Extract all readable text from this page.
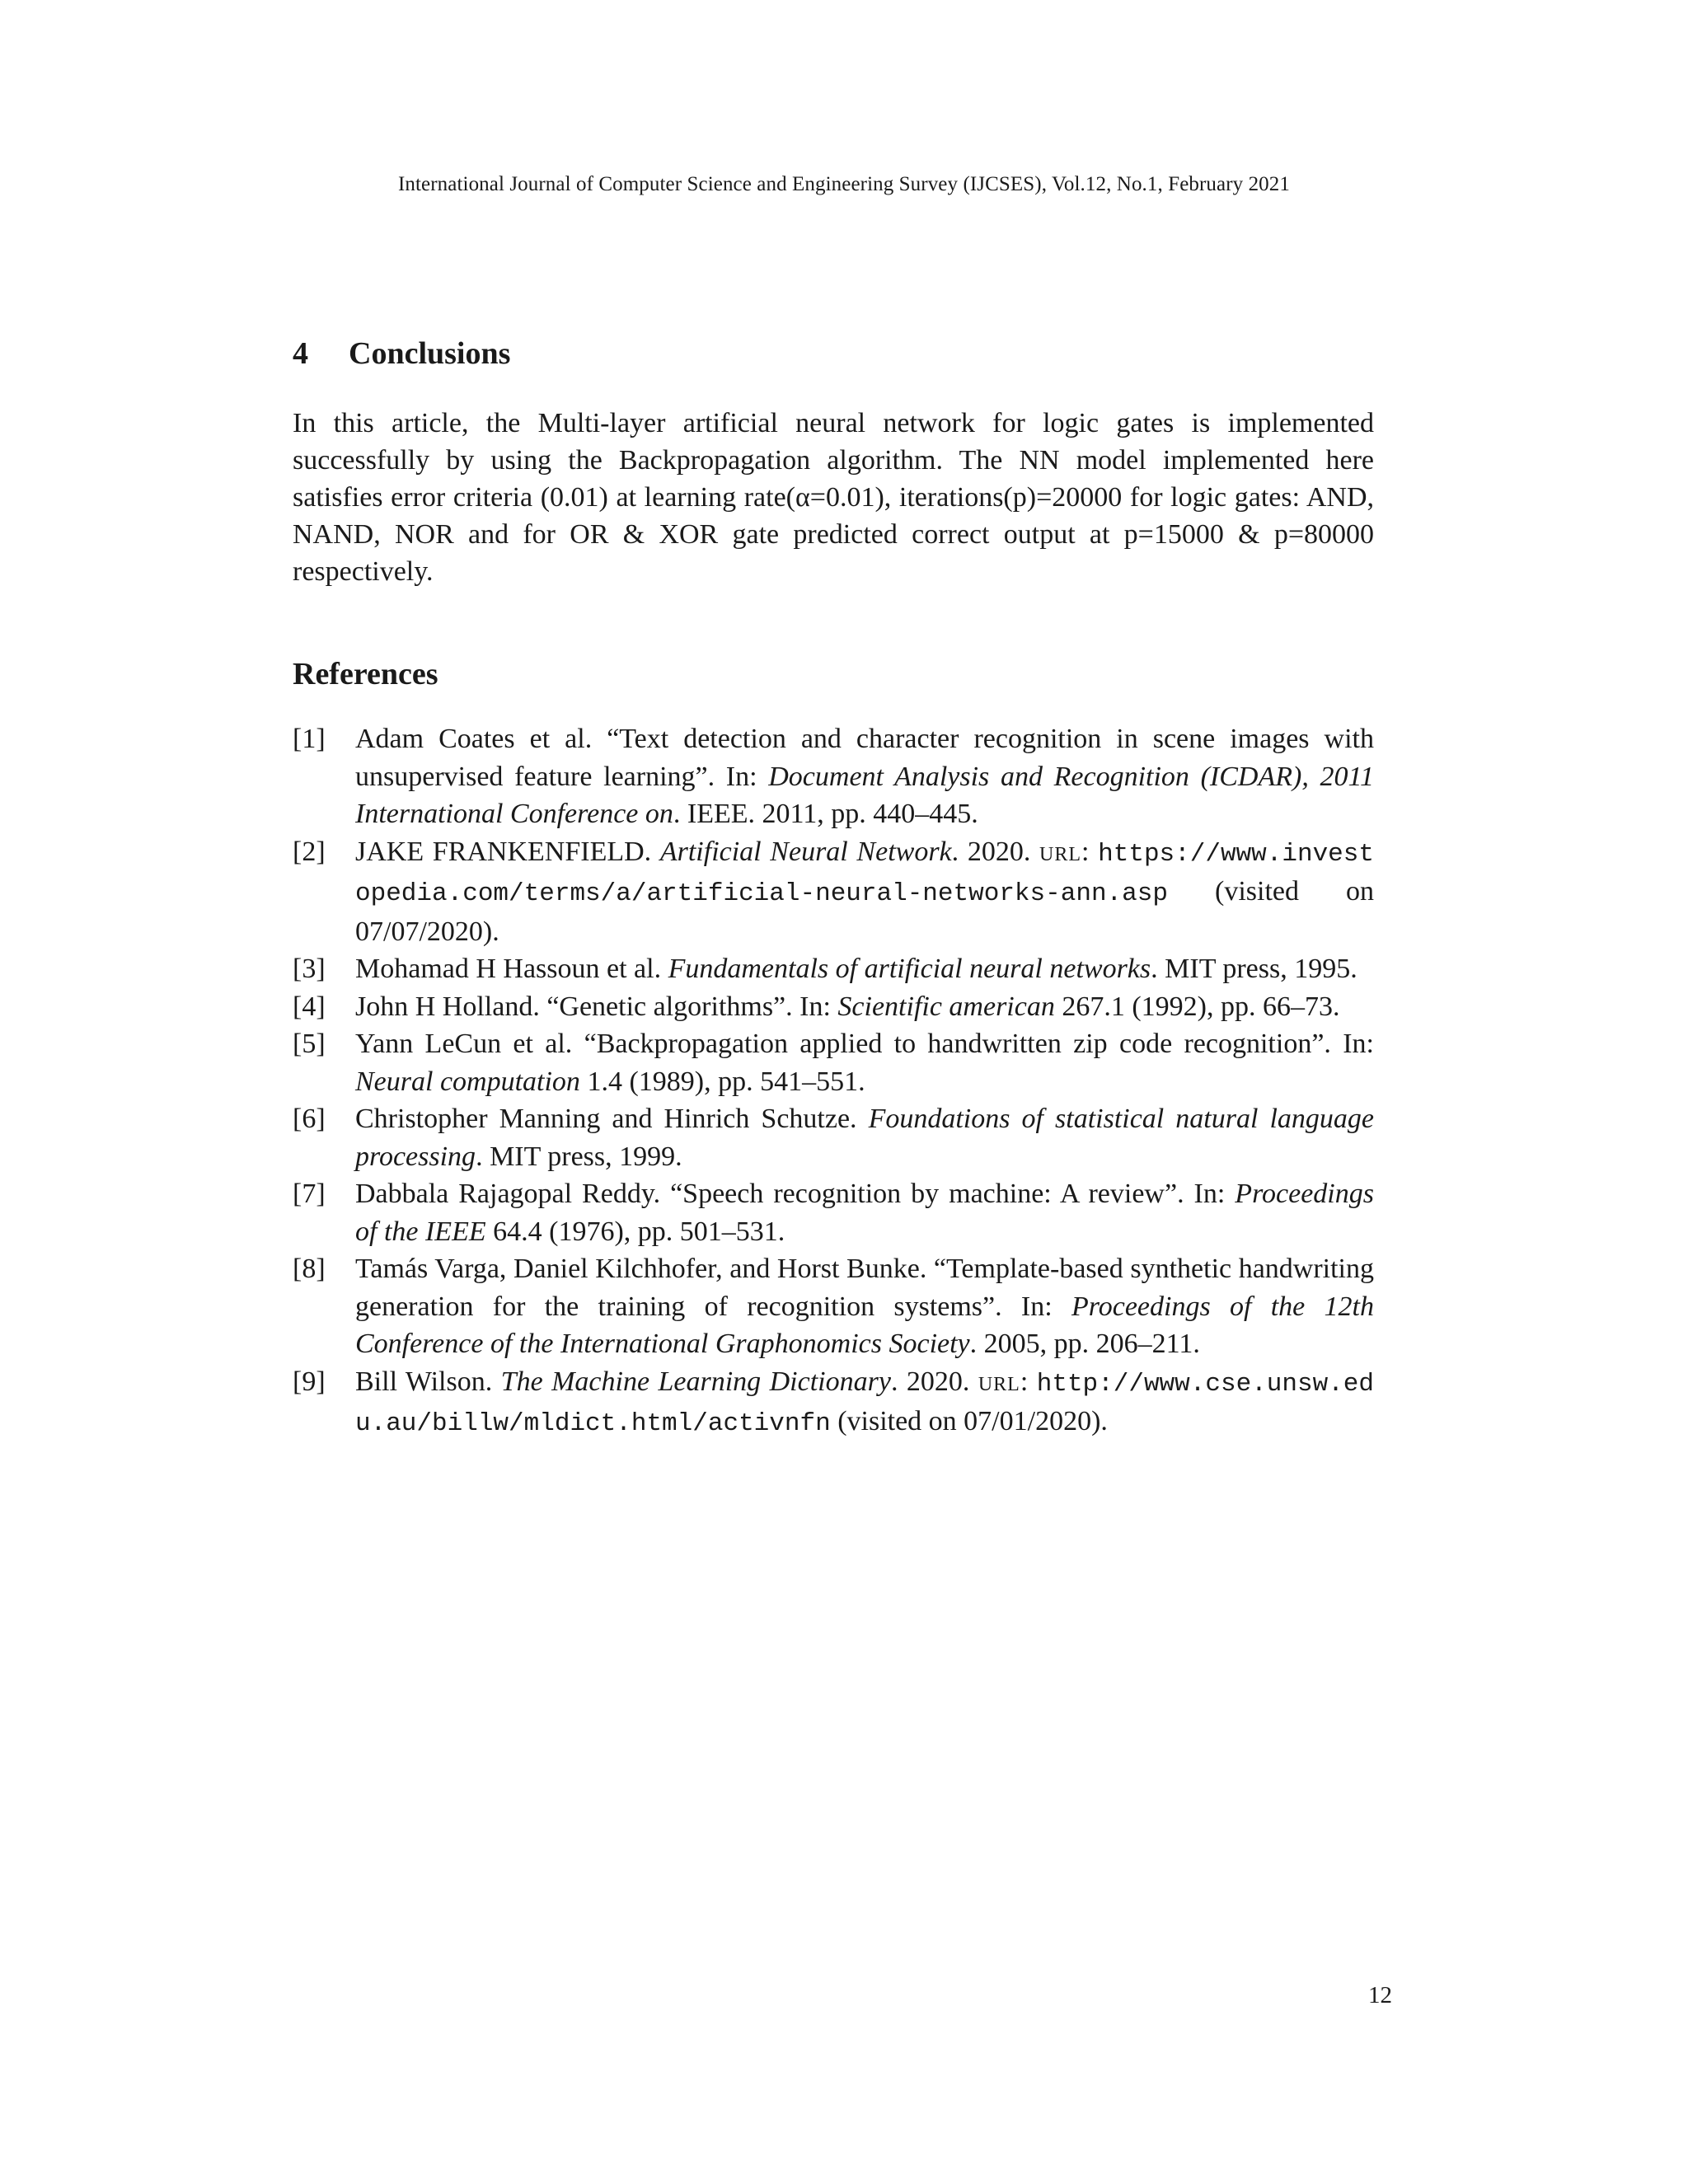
International Journal of Computer Science and Engineering Survey (IJCSES), Vol.12, No.1, February 2021
4 Conclusions

In this article, the Multi-layer artificial neural network for logic gates is implemented successfully by using the Backpropagation algorithm. The NN model implemented here satisfies error criteria (0.01) at learning rate(α=0.01), iterations(p)=20000 for logic gates: AND, NAND, NOR and for OR & XOR gate predicted correct output at p=15000 & p=80000 respectively.

References
[1] Adam Coates et al. “Text detection and character recognition in scene images with unsupervised feature learning”. In: Document Analysis and Recognition (ICDAR), 2011 International Conference on. IEEE. 2011, pp. 440–445.
[2] JAKE FRANKENFIELD. Artificial Neural Network. 2020. url: https://www.investopedia.com/terms/a/artificial-neural-networks-ann.asp (visited on 07/07/2020).
[3] Mohamad H Hassoun et al. Fundamentals of artificial neural networks. MIT press, 1995.
[4] John H Holland. “Genetic algorithms”. In: Scientific american 267.1 (1992), pp. 66–73.
[5] Yann LeCun et al. “Backpropagation applied to handwritten zip code recognition”. In: Neural computation 1.4 (1989), pp. 541–551.
[6] Christopher Manning and Hinrich Schutze. Foundations of statistical natural language processing. MIT press, 1999.
[7] Dabbala Rajagopal Reddy. “Speech recognition by machine: A review”. In: Proceedings of the IEEE 64.4 (1976), pp. 501–531.
[8] Tamás Varga, Daniel Kilchhofer, and Horst Bunke. “Template-based synthetic handwriting generation for the training of recognition systems”. In: Proceedings of the 12th Conference of the International Graphonomics Society. 2005, pp. 206–211.
[9] Bill Wilson. The Machine Learning Dictionary. 2020. url: http://www.cse.unsw.edu.au/billw/mldict.html/activnfn (visited on 07/01/2020).
12
